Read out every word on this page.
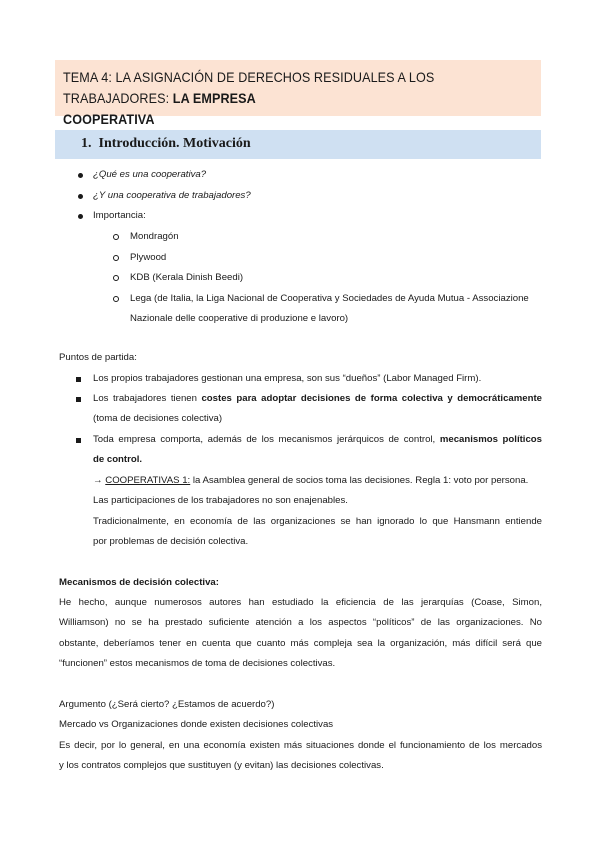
TEMA 4: LA ASIGNACIÓN DE DERECHOS RESIDUALES A LOS TRABAJADORES: LA EMPRESA
COOPERATIVA
1. Introducción. Motivación
¿Qué es una cooperativa?
¿Y una cooperativa de trabajadores?
Importancia:
Mondragón
Plywood
KDB (Kerala Dinish Beedi)
Lega (de Italia, la Liga Nacional de Cooperativa y Sociedades de Ayuda Mutua - Associazione
Nazionale delle cooperative di produzione e lavoro)
Puntos de partida:
Los propios trabajadores gestionan una empresa, son sus “dueños” (Labor Managed Firm).
Los trabajadores tienen costes para adoptar decisiones de forma colectiva y democráticamente
(toma de decisiones colectiva)
Toda empresa comporta, además de los mecanismos jerárquicos de control, mecanismos políticos
de control.
→ COOPERATIVAS 1: la Asamblea general de socios toma las decisiones. Regla 1: voto por persona.
Las participaciones de los trabajadores no son enajenables.
Tradicionalmente, en economía de las organizaciones se han ignorado lo que Hansmann entiende
por problemas de decisión colectiva.
Mecanismos de decisión colectiva:
He hecho, aunque numerosos autores han estudiado la eficiencia de las jerarquías (Coase, Simon,
Williamson) no se ha prestado suficiente atención a los aspectos “políticos” de las organizaciones. No
obstante, deberíamos tener en cuenta que cuanto más compleja sea la organización, más difícil será que
“funcionen” estos mecanismos de toma de decisiones colectivas.
Argumento (¿Será cierto? ¿Estamos de acuerdo?)
Mercado vs Organizaciones donde existen decisiones colectivas
Es decir, por lo general, en una economía existen más situaciones donde el funcionamiento de los mercados
y los contratos complejos que sustituyen (y evitan) las decisiones colectivas.
